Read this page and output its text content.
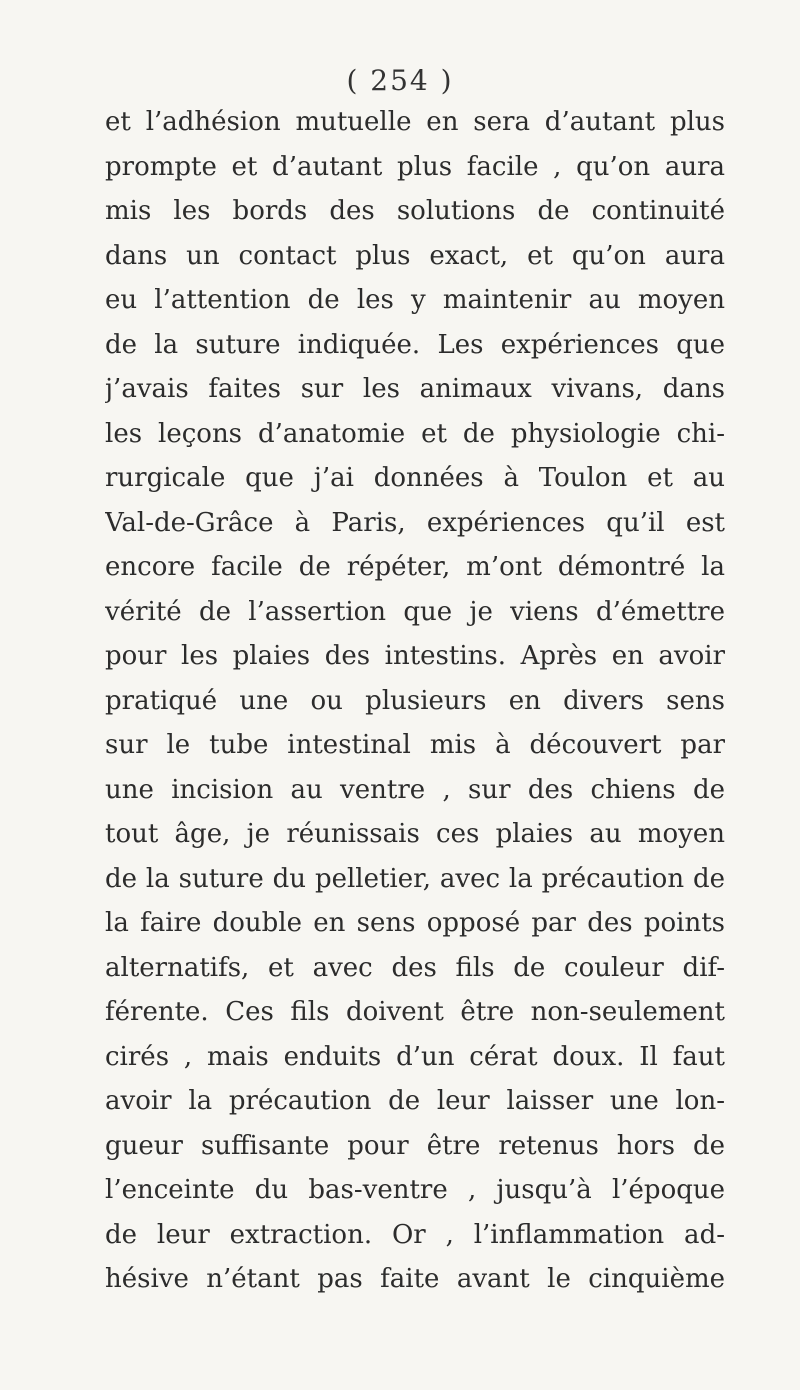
( 254 )
et l’adhésion mutuelle en sera d’autant plus
prompte et d’autant plus facile , qu’on aura
mis les bords des solutions de continuité
dans un contact plus exact, et qu’on aura
eu l’attention de les y maintenir au moyen
de la suture indiquée. Les expériences que
j’avais faites sur les animaux vivans, dans
les leçons d’anatomie et de physiologie chi-
rurgicale que j’ai données à Toulon et au
Val-de-Grâce à Paris, expériences qu’il est
encore facile de répéter, m’ont démontré la
vérité de l’assertion que je viens d’émettre
pour les plaies des intestins. Après en avoir
pratiqué une ou plusieurs en divers sens
sur le tube intestinal mis à découvert par
une incision au ventre , sur des chiens de
tout âge, je réunissais ces plaies au moyen
de la suture du pelletier, avec la précaution de
la faire double en sens opposé par des points
alternatifs, et avec des fils de couleur dif-
férente. Ces fils doivent être non-seulement
cirés , mais enduits d’un cérat doux. Il faut
avoir la précaution de leur laisser une lon-
gueur suffisante pour être retenus hors de
l’enceinte du bas-ventre , jusqu’à l’époque
de leur extraction. Or , l’inflammation ad-
hésive n’étant pas faite avant le cinquième
